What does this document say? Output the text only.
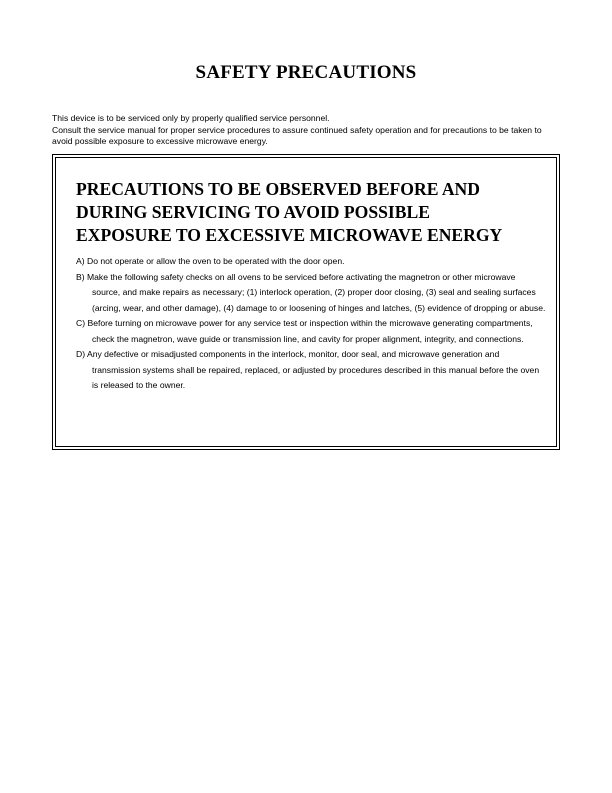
SAFETY PRECAUTIONS

This device is to be serviced only by properly qualified service personnel.

Consult the service manual for proper service procedures to assure continued safety operation and for precautions to be taken to avoid possible exposure to excessive microwave energy.

PRECAUTIONS TO BE OBSERVED BEFORE AND
DURING SERVICING TO AVOID POSSIBLE
EXPOSURE TO EXCESSIVE MICROWAVE ENERGY
A) Do not operate or allow the oven to be operated with the door open.
B) Make the following safety checks on all ovens to be serviced before activating the magnetron or other microwave source, and make repairs as necessary; (1) interlock operation, (2) proper door closing, (3) seal and sealing surfaces (arcing, wear, and other damage), (4) damage to or loosening of hinges and latches, (5) evidence of dropping or abuse.
C) Before turning on microwave power for any service test or inspection within the microwave generating compartments, check the magnetron, wave guide or transmission line, and cavity for proper alignment, integrity, and connections.
D) Any defective or misadjusted components in the interlock, monitor, door seal, and microwave generation and transmission systems shall be repaired, replaced, or adjusted by procedures described in this manual before the oven is released to the owner.
